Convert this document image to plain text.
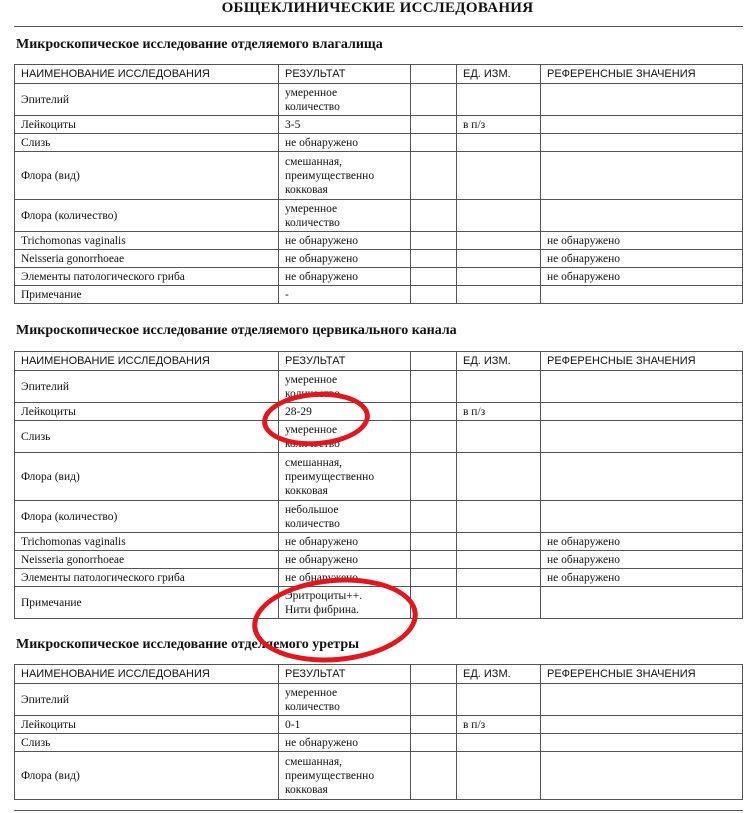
ОБЩЕКЛИНИЧЕСКИЕ ИССЛЕДОВАНИЯ
Микроскопическое исследование отделяемого влагалища
НАИМЕНОВАНИЕ ИССЛЕДОВАНИЯ	РЕЗУЛЬТАТ		ЕД. ИЗМ.	РЕФЕРЕНСНЫЕ ЗНАЧЕНИЯ
Эпителий	умеренное
количество			
Лейкоциты	3-5		в п/з	
Слизь	не обнаружено			
Флора (вид)	смешанная,
преимущественно
кокковая			
Флора (количество)	умеренное
количество			
Trichomonas vaginalis	не обнаружено			не обнаружено
Neisseria gonorrhoeae	не обнаружено			не обнаружено
Элементы патологического гриба	не обнаружено			не обнаружено
Примечание	-			
Микроскопическое исследование отделяемого цервикального канала
НАИМЕНОВАНИЕ ИССЛЕДОВАНИЯ	РЕЗУЛЬТАТ		ЕД. ИЗМ.	РЕФЕРЕНСНЫЕ ЗНАЧЕНИЯ
Эпителий	умеренное
количество			
Лейкоциты	28-29		в п/з	
Слизь	умеренное
количество			
Флора (вид)	смешанная,
преимущественно
кокковая			
Флора (количество)	небольшое
количество			
Trichomonas vaginalis	не обнаружено			не обнаружено
Neisseria gonorrhoeae	не обнаружено			не обнаружено
Элементы патологического гриба	не обнаружено			не обнаружено
Примечание	Эритроциты++.
Нити фибрина.			
Микроскопическое исследование отделяемого уретры
НАИМЕНОВАНИЕ ИССЛЕДОВАНИЯ	РЕЗУЛЬТАТ		ЕД. ИЗМ.	РЕФЕРЕНСНЫЕ ЗНАЧЕНИЯ
Эпителий	умеренное
количество			
Лейкоциты	0-1		в п/з	
Слизь	не обнаружено			
Флора (вид)	смешанная,
преимущественно
кокковая			
